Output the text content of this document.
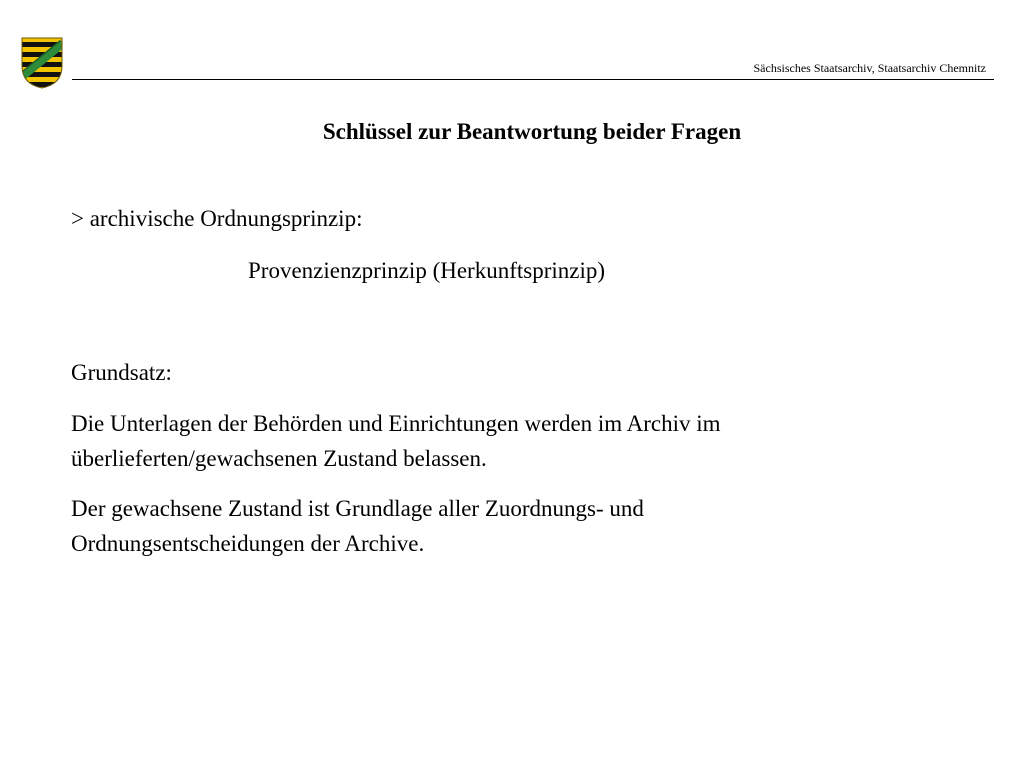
Sächsisches Staatsarchiv, Staatsarchiv Chemnitz
Schlüssel zur Beantwortung beider Fragen
> archivische Ordnungsprinzip:
Provenzienzprinzip (Herkunftsprinzip)
Grundsatz:
Die Unterlagen der Behörden und Einrichtungen werden im Archiv im
überlieferten/gewachsenen Zustand belassen.
Der gewachsene Zustand ist Grundlage aller Zuordnungs- und
Ordnungsentscheidungen der Archive.
